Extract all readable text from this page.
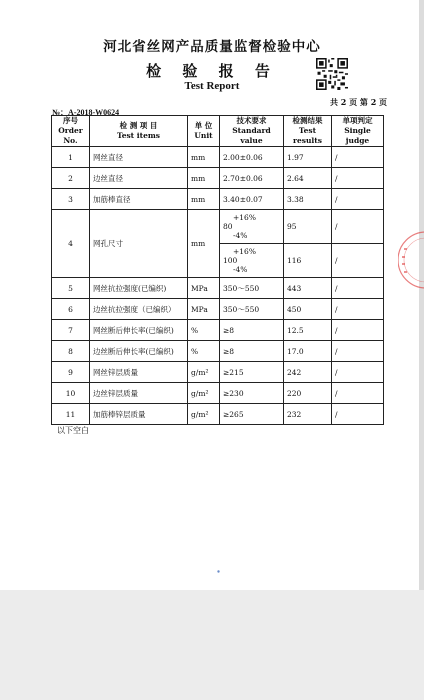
河北省丝网产品质量监督检验中心
检 验 报 告
Test Report
共 2 页 第 2 页
№：A-2018-W0624
序号
Order No.	检 测 项 目
Test items	单 位
Unit	技术要求
Standard value	检测结果
Test results	单项判定
Single judge
1	网丝直径	mm	2.00±0.06	1.97	/
2	边丝直径	mm	2.70±0.06	2.64	/
3	加筋棒直径	mm	3.40±0.07	3.38	/
4	网孔尺寸	mm	+16%
80
-4%	95	/

			+16%
100
-4%	116	/
5	网丝抗拉强度(已编织)	MPa	350～550	443	/
6	边丝抗拉强度（已编织）	MPa	350～550	450	/
7	网丝断后伸长率(已编织)	%	≥8	12.5	/
8	边丝断后伸长率(已编织)	%	≥8	17.0	/
9	网丝锌层质量	g/m²	≥215	242	/
10	边丝锌层质量	g/m²	≥230	220	/
11	加筋棒锌层质量	g/m²	≥265	232	/
以下空白
